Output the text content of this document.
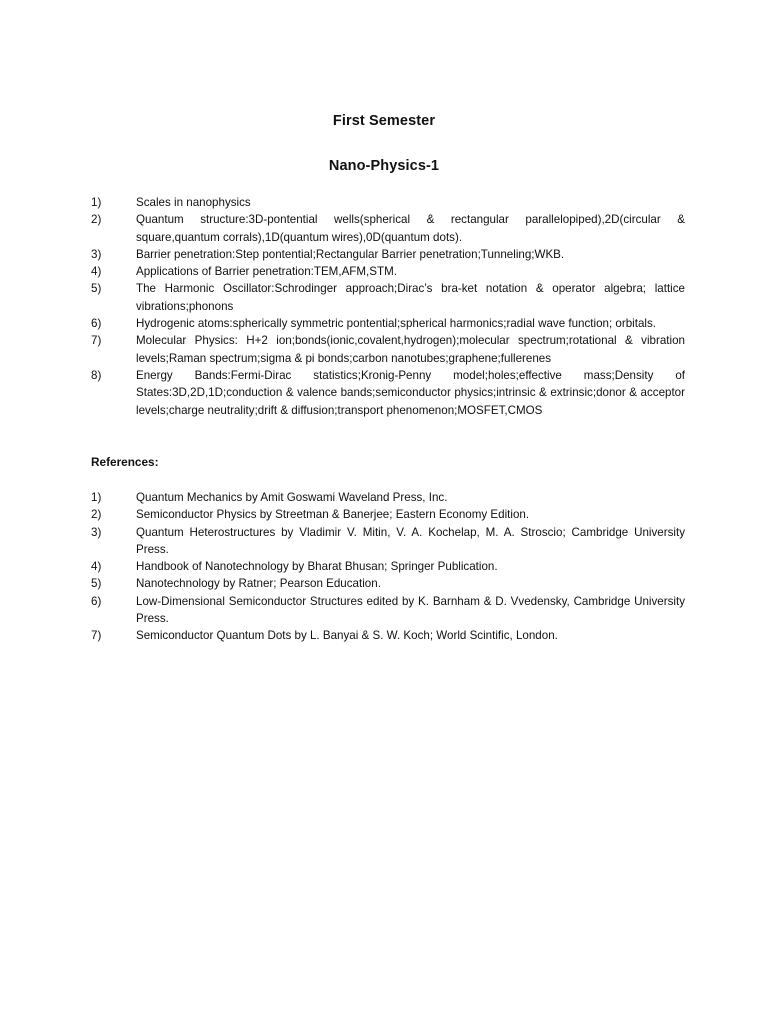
First Semester
Nano-Physics-1
1)	Scales in nanophysics
2)	Quantum structure:3D-pontential wells(spherical & rectangular parallelopiped),2D(circular & square,quantum corrals),1D(quantum wires),0D(quantum dots).
3)	Barrier penetration:Step pontential;Rectangular Barrier penetration;Tunneling;WKB.
4)	Applications of Barrier penetration:TEM,AFM,STM.
5)	The Harmonic Oscillator:Schrodinger approach;Dirac’s bra-ket notation & operator algebra; lattice vibrations;phonons
6)	Hydrogenic atoms:spherically symmetric pontential;spherical harmonics;radial wave function; orbitals.
7)	Molecular Physics: H+2 ion;bonds(ionic,covalent,hydrogen);molecular spectrum;rotational & vibration levels;Raman spectrum;sigma & pi bonds;carbon nanotubes;graphene;fullerenes
8)	Energy Bands:Fermi-Dirac statistics;Kronig-Penny model;holes;effective mass;Density of States:3D,2D,1D;conduction & valence bands;semiconductor physics;intrinsic & extrinsic;donor & acceptor levels;charge neutrality;drift & diffusion;transport phenomenon;MOSFET,CMOS
References:
1)	Quantum Mechanics by Amit Goswami Waveland Press, Inc.
2)	Semiconductor Physics by Streetman & Banerjee; Eastern Economy Edition.
3)	Quantum Heterostructures by Vladimir V. Mitin, V. A. Kochelap, M. A. Stroscio; Cambridge University Press.
4)	Handbook of Nanotechnology by Bharat Bhusan; Springer Publication.
5)	Nanotechnology by Ratner; Pearson Education.
6)	Low-Dimensional Semiconductor Structures edited by K. Barnham & D. Vvedensky, Cambridge University Press.
7)	Semiconductor Quantum Dots by L. Banyai & S. W. Koch; World Scintific, London.
